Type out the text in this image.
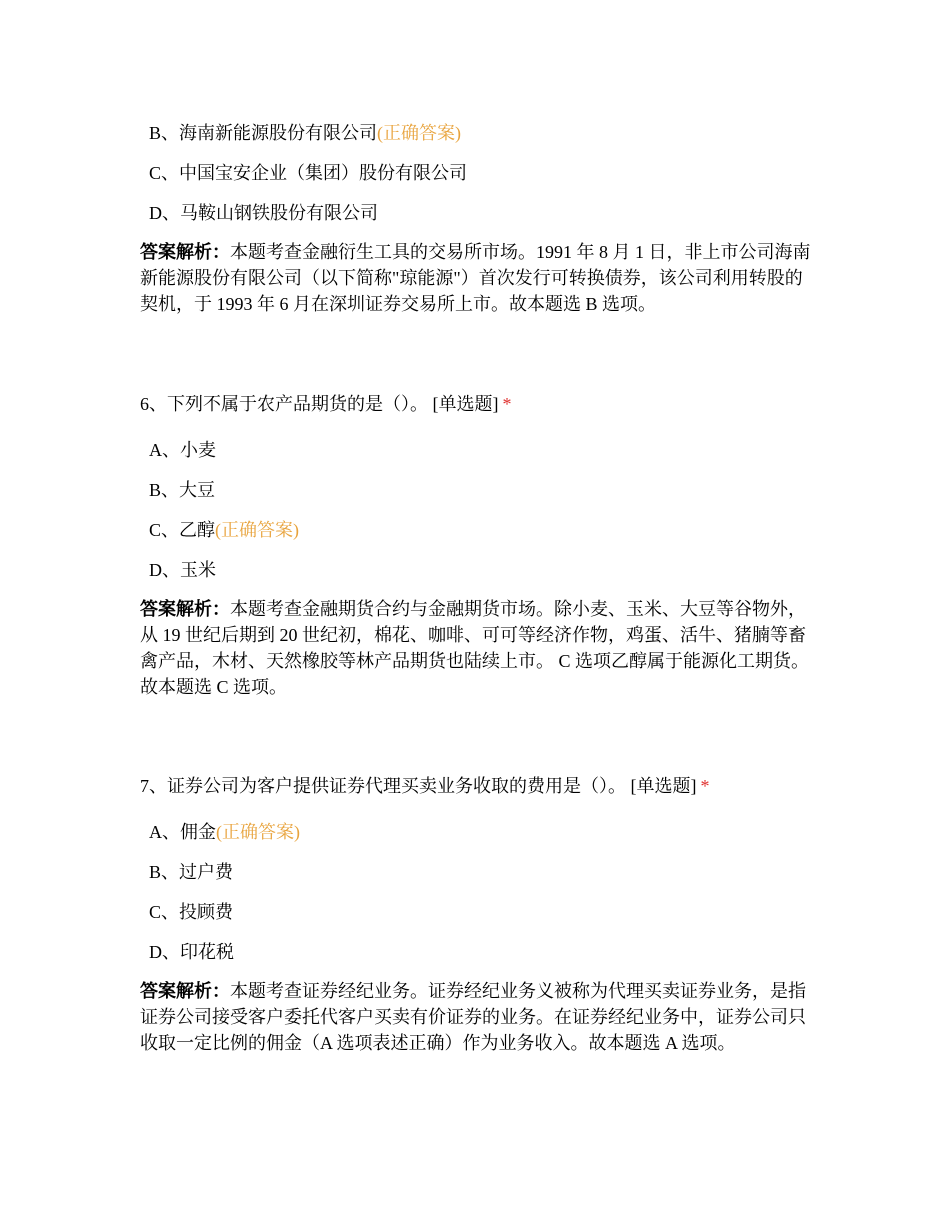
B、海南新能源股份有限公司(正确答案)
C、中国宝安企业（集团）股份有限公司
D、马鞍山钢铁股份有限公司
答案解析：本题考查金融衍生工具的交易所市场。1991 年 8 月 1 日，非上市公司海南新能源股份有限公司（以下简称"琼能源"）首次发行可转换债券，该公司利用转股的契机，于 1993 年 6 月在深圳证券交易所上市。故本题选 B 选项。
6、下列不属于农产品期货的是（）。 [单选题] *
A、小麦
B、大豆
C、乙醇(正确答案)
D、玉米
答案解析：本题考查金融期货合约与金融期货市场。除小麦、玉米、大豆等谷物外，从 19 世纪后期到 20 世纪初，棉花、咖啡、可可等经济作物，鸡蛋、活牛、猪腩等畜禽产品，木材、天然橡胶等林产品期货也陆续上市。 C 选项乙醇属于能源化工期货。故本题选 C 选项。
7、证券公司为客户提供证券代理买卖业务收取的费用是（）。 [单选题] *
A、佣金(正确答案)
B、过户费
C、投顾费
D、印花税
答案解析：本题考查证券经纪业务。证券经纪业务义被称为代理买卖证券业务，是指证券公司接受客户委托代客户买卖有价证券的业务。在证券经纪业务中，证券公司只收取一定比例的佣金（A 选项表述正确）作为业务收入。故本题选 A 选项。
